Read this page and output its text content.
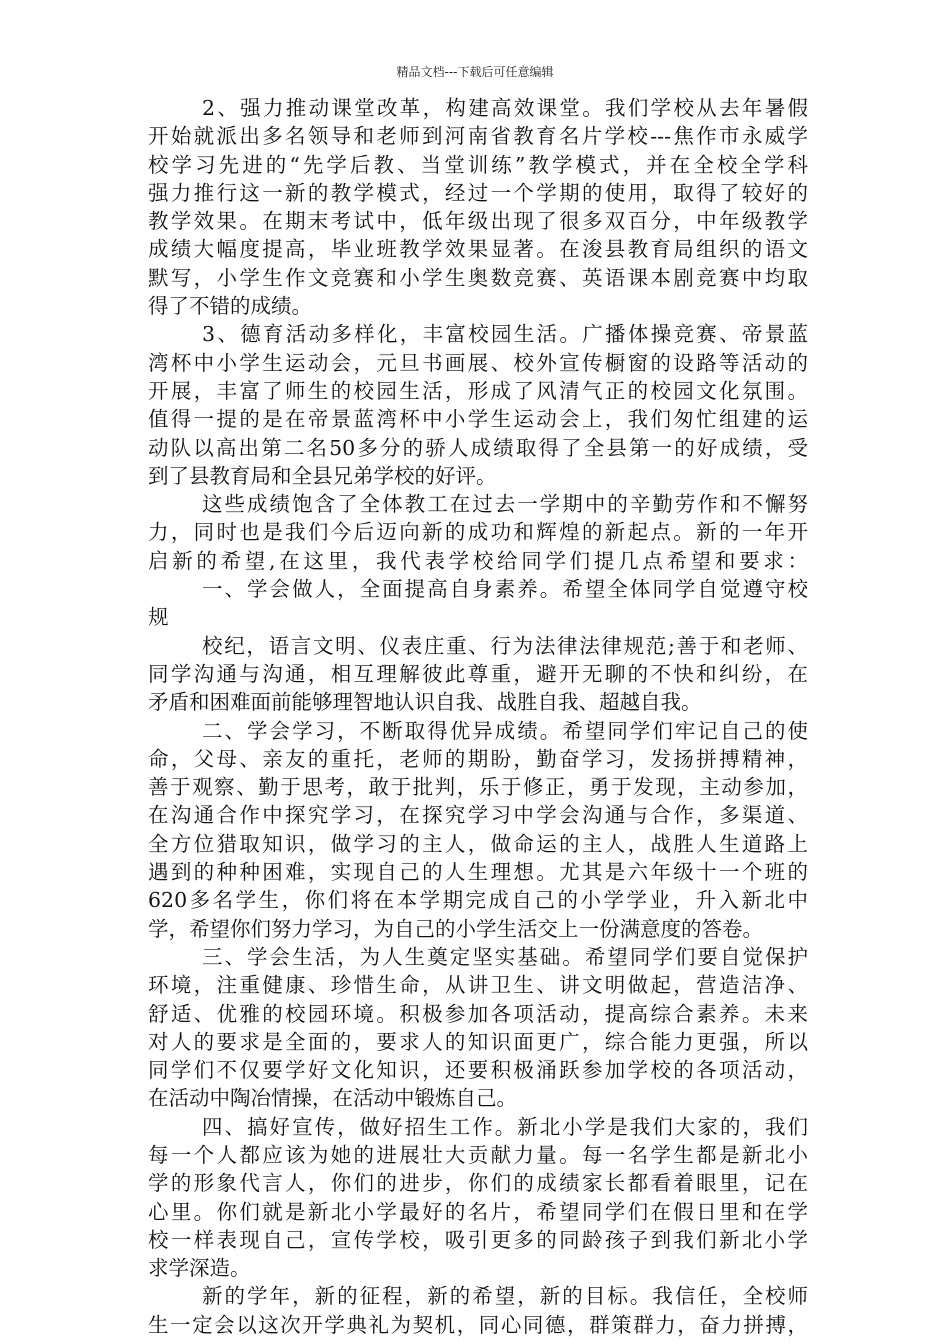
精品文档---下载后可任意编辑
2、强力推动课堂改革，构建高效课堂。我们学校从去年暑假
开始就派出多名领导和老师到河南省教育名片学校---焦作市永威学
校学习先进的“先学后教、当堂训练”教学模式，并在全校全学科
强力推行这一新的教学模式，经过一个学期的使用，取得了较好的
教学效果。在期末考试中，低年级出现了很多双百分，中年级教学
成绩大幅度提高，毕业班教学效果显著。在浚县教育局组织的语文
默写，小学生作文竞赛和小学生奥数竞赛、英语课本剧竞赛中均取
得了不错的成绩。
3、德育活动多样化，丰富校园生活。广播体操竞赛、帝景蓝
湾杯中小学生运动会，元旦书画展、校外宣传橱窗的设路等活动的
开展，丰富了师生的校园生活，形成了风清气正的校园文化氛围。
值得一提的是在帝景蓝湾杯中小学生运动会上，我们匆忙组建的运
动队以高出第二名50多分的骄人成绩取得了全县第一的好成绩，受
到了县教育局和全县兄弟学校的好评。
这些成绩饱含了全体教工在过去一学期中的辛勤劳作和不懈努
力，同时也是我们今后迈向新的成功和辉煌的新起点。新的一年开
启新的希望,在这里，我代表学校给同学们提几点希望和要求：
一、学会做人，全面提高自身素养。希望全体同学自觉遵守校
规
校纪，语言文明、仪表庄重、行为法律法律规范;善于和老师、
同学沟通与沟通，相互理解彼此尊重，避开无聊的不快和纠纷，在
矛盾和困难面前能够理智地认识自我、战胜自我、超越自我。
二、学会学习，不断取得优异成绩。希望同学们牢记自己的使
命，父母、亲友的重托，老师的期盼，勤奋学习，发扬拼搏精神，
善于观察、勤于思考，敢于批判，乐于修正，勇于发现，主动参加，
在沟通合作中探究学习，在探究学习中学会沟通与合作，多渠道、
全方位猎取知识，做学习的主人，做命运的主人，战胜人生道路上
遇到的种种困难，实现自己的人生理想。尤其是六年级十一个班的
620多名学生，你们将在本学期完成自己的小学学业，升入新北中
学，希望你们努力学习，为自己的小学生活交上一份满意度的答卷。
三、学会生活，为人生奠定坚实基础。希望同学们要自觉保护
环境，注重健康、珍惜生命，从讲卫生、讲文明做起，营造洁净、
舒适、优雅的校园环境。积极参加各项活动，提高综合素养。未来
对人的要求是全面的，要求人的知识面更广，综合能力更强，所以
同学们不仅要学好文化知识，还要积极涌跃参加学校的各项活动，
在活动中陶冶情操，在活动中锻炼自己。
四、搞好宣传，做好招生工作。新北小学是我们大家的，我们
每一个人都应该为她的进展壮大贡献力量。每一名学生都是新北小
学的形象代言人，你们的进步，你们的成绩家长都看着眼里，记在
心里。你们就是新北小学最好的名片，希望同学们在假日里和在学
校一样表现自己，宣传学校，吸引更多的同龄孩子到我们新北小学
求学深造。
新的学年，新的征程，新的希望，新的目标。我信任，全校师
生一定会以这次开学典礼为契机，同心同德，群策群力，奋力拼搏，
